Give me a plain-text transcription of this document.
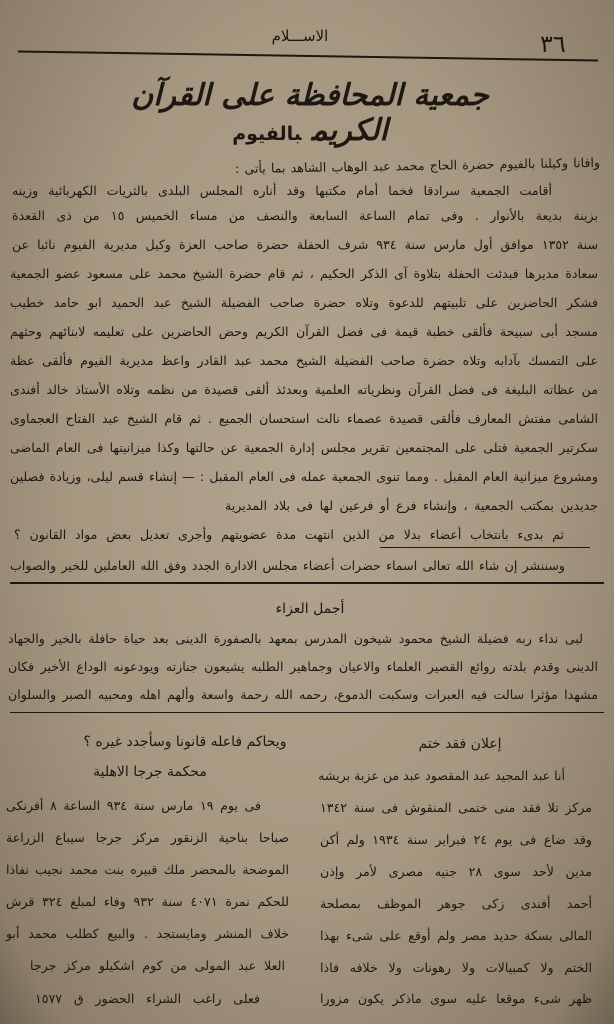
الاســـلام	٣٦
جمعية المحافظة على القرآن الكريمبالفيوم
وافانا وكيلنا بالفيوم حضرة الحاج محمد عبد الوهاب الشاهد بما يأتى :
أقامت الجمعية سرادقا فخما أمام مكتبها وقد أناره المجلس البلدى بالثريات الكهربائية وزينه
بزينة بديعة بالأنوار . وفى تمام الساعة السابعة والنصف من مساء الخميس ١٥ من ذى القعدة
سنة ١٣٥٢ موافق أول مارس سنة ٩٣٤ شرف الحفلة حضرة صاحب العزة وكيل مديرية الفيوم نائبا عن
سعادة مديرها فبدئت الحفلة بتلاوة آى الذكر الحكيم ، ثم قام حضرة الشيخ محمد على مسعود عضو الجمعية
فشكر الحاضرين على تلبيتهم للدعوة وتلاه حضرة صاحب الفضيلة الشيخ عبد الحميد ابو حامد خطيب
مسجد أبى سبيحة فألقى خطبة قيمة فى فضل القرآن الكريم وحض الحاضرين على تعليمه لابنائهم وحثهم
على التمسك بآدابه وتلاه حضرة صاحب الفضيلة الشيخ محمد عبد القادر واعظ مديرية الفيوم فألقى عظة
من عظاته البليغة فى فضل القرآن ونظرياته العلمية وبعدئذ ألقى قصيدة من نظمه وتلاه الأستاذ خالد أفندى
الشامى مفتش المعارف فألقى قصيدة عصماء نالت استحسان الجميع . ثم قام الشيخ عبد الفتاح العجماوى
سكرتير الجمعية فتلى على المجتمعين تقرير مجلس إدارة الجمعية عن حالتها وكذا ميزانيتها فى العام الماضى
ومشروع ميزانية العام المقبل . ومما تنوى الجمعية عمله فى العام المقبل : — إنشاء قسم ليلى، وزيادة فصلين
جديدين بمكتب الجمعية ، وإنشاء فرع أو فرعين لها فى بلاد المديرية
ثم بدىء بانتخاب أعضاء بدلا من الذين انتهت مدة عضويتهم وأجرى تعديل بعض مواد القانون ؟
وسننشر إن شاء الله تعالى اسماء حضرات أعضاء مجلس الادارة الجدد وفق الله العاملين للخير والصواب
أجمل العزاء
لبى نداء ربه فضيلة الشيخ محمود شيخون المدرس بمعهد بالصفورة الدينى بعد حياة حافلة بالخير والجهاد
الدينى وقدم بلدته روائع القصير العلماء والاعيان وجماهير الطلبه يشيعون جنازته ويودعونه الوداع الأخير فكان
مشهدا مؤثرا سالت فيه العبرات وسكبت الدموع، رحمه الله رحمة واسعة وألهم اهله ومحبيه الصبر والسلوان
إعلان فقد ختم
أنا عبد المجيد عبد المقصود عبد من عزبة بريشه
مركز تلا فقد منى ختمى المنقوش فى سنة ١٣٤٢
وقد ضاع فى يوم ٢٤ فبراير سنة ١٩٣٤ ولم أكن
مدين لأحد سوى ٢٨ جنيه مصرى لأمر وإذن
أحمد أفندى زكى جوهر الموظف بمصلحة
المالى بسكة حديد مصر ولم أوقع على شىء بهذا
الختم ولا كمبيالات ولا رهونات ولا خلافه فاذا
ظهر شىء موقعا عليه سوى ماذكر يكون مزورا
ويحاكم فاعله قانونا وسأجدد غيره ؟
محكمة جرجا الاهلية
فى يوم ١٩ مارس سنة ٩٣٤ الساعة ٨ أفرنكى
صباحا بناحية الزنقور مركز جرجا سيباع الزراعة
الموضحة بالمحضر ملك قبيره بنت محمد نجيب نفاذا
للحكم نمرة ٤٠٧١ سنة ٩٣٢ وفاء لمبلغ ٣٢٤ قرش
خلاف المنشر ومايستجد . والبيع كطلب محمد أبو
العلا عبد المولى من كوم اشكيلو مركز جرجا
فعلى راغب الشراء الحضور ق ١٥٧٧
